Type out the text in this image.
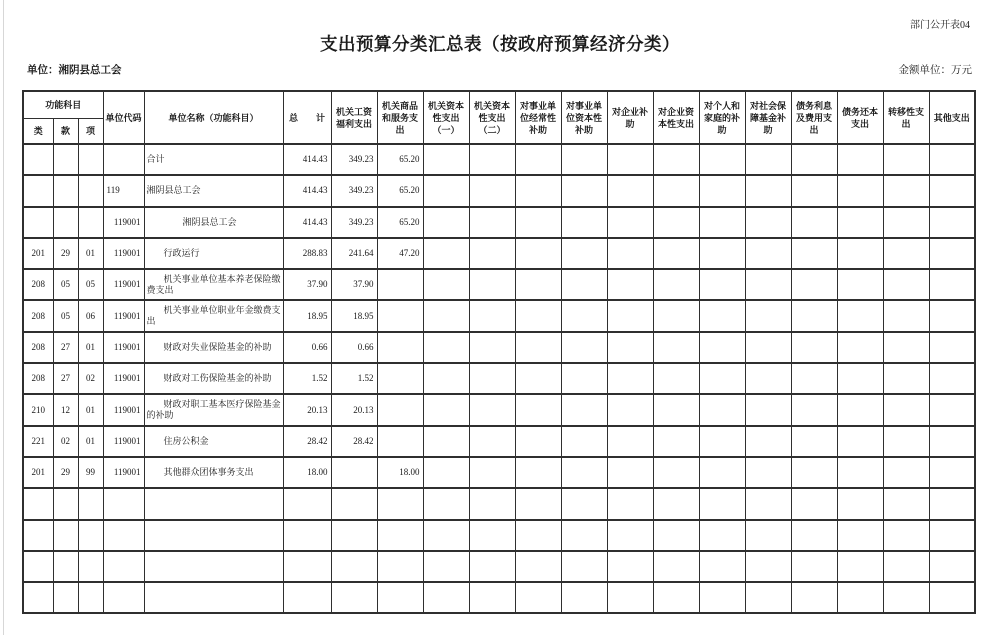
部门公开表04
支出预算分类汇总表（按政府预算经济分类）
单位：湘阴县总工会	金额单位：万元
功能科目			单位代码	单位名称（功能科目）	总　　计	机关工资福利支出	机关商品和服务支出	机关资本性支出（一）	机关资本性支出（二）	对事业单位经常性补助	对事业单位资本性补助	对企业补助	对企业资本性支出	对个人和家庭的补助	对社会保障基金补助	债务利息及费用支出	债务还本支出	转移性支出	其他支出
类	款	项																	
				合计	414.43	349.23	65.20												
			119	湘阴县总工会	414.43	349.23	65.20												
			119001	湘阴县总工会	414.43	349.23	65.20												
201	29	01	119001	行政运行	288.83	241.64	47.20												
208	05	05	119001	机关事业单位基本养老保险缴费支出	37.90	37.90													
208	05	06	119001	机关事业单位职业年金缴费支出	18.95	18.95													
208	27	01	119001	财政对失业保险基金的补助	0.66	0.66													
208	27	02	119001	财政对工伤保险基金的补助	1.52	1.52													
210	12	01	119001	财政对职工基本医疗保险基金的补助	20.13	20.13													
221	02	01	119001	住房公积金	28.42	28.42													
201	29	99	119001	其他群众团体事务支出	18.00		18.00												
